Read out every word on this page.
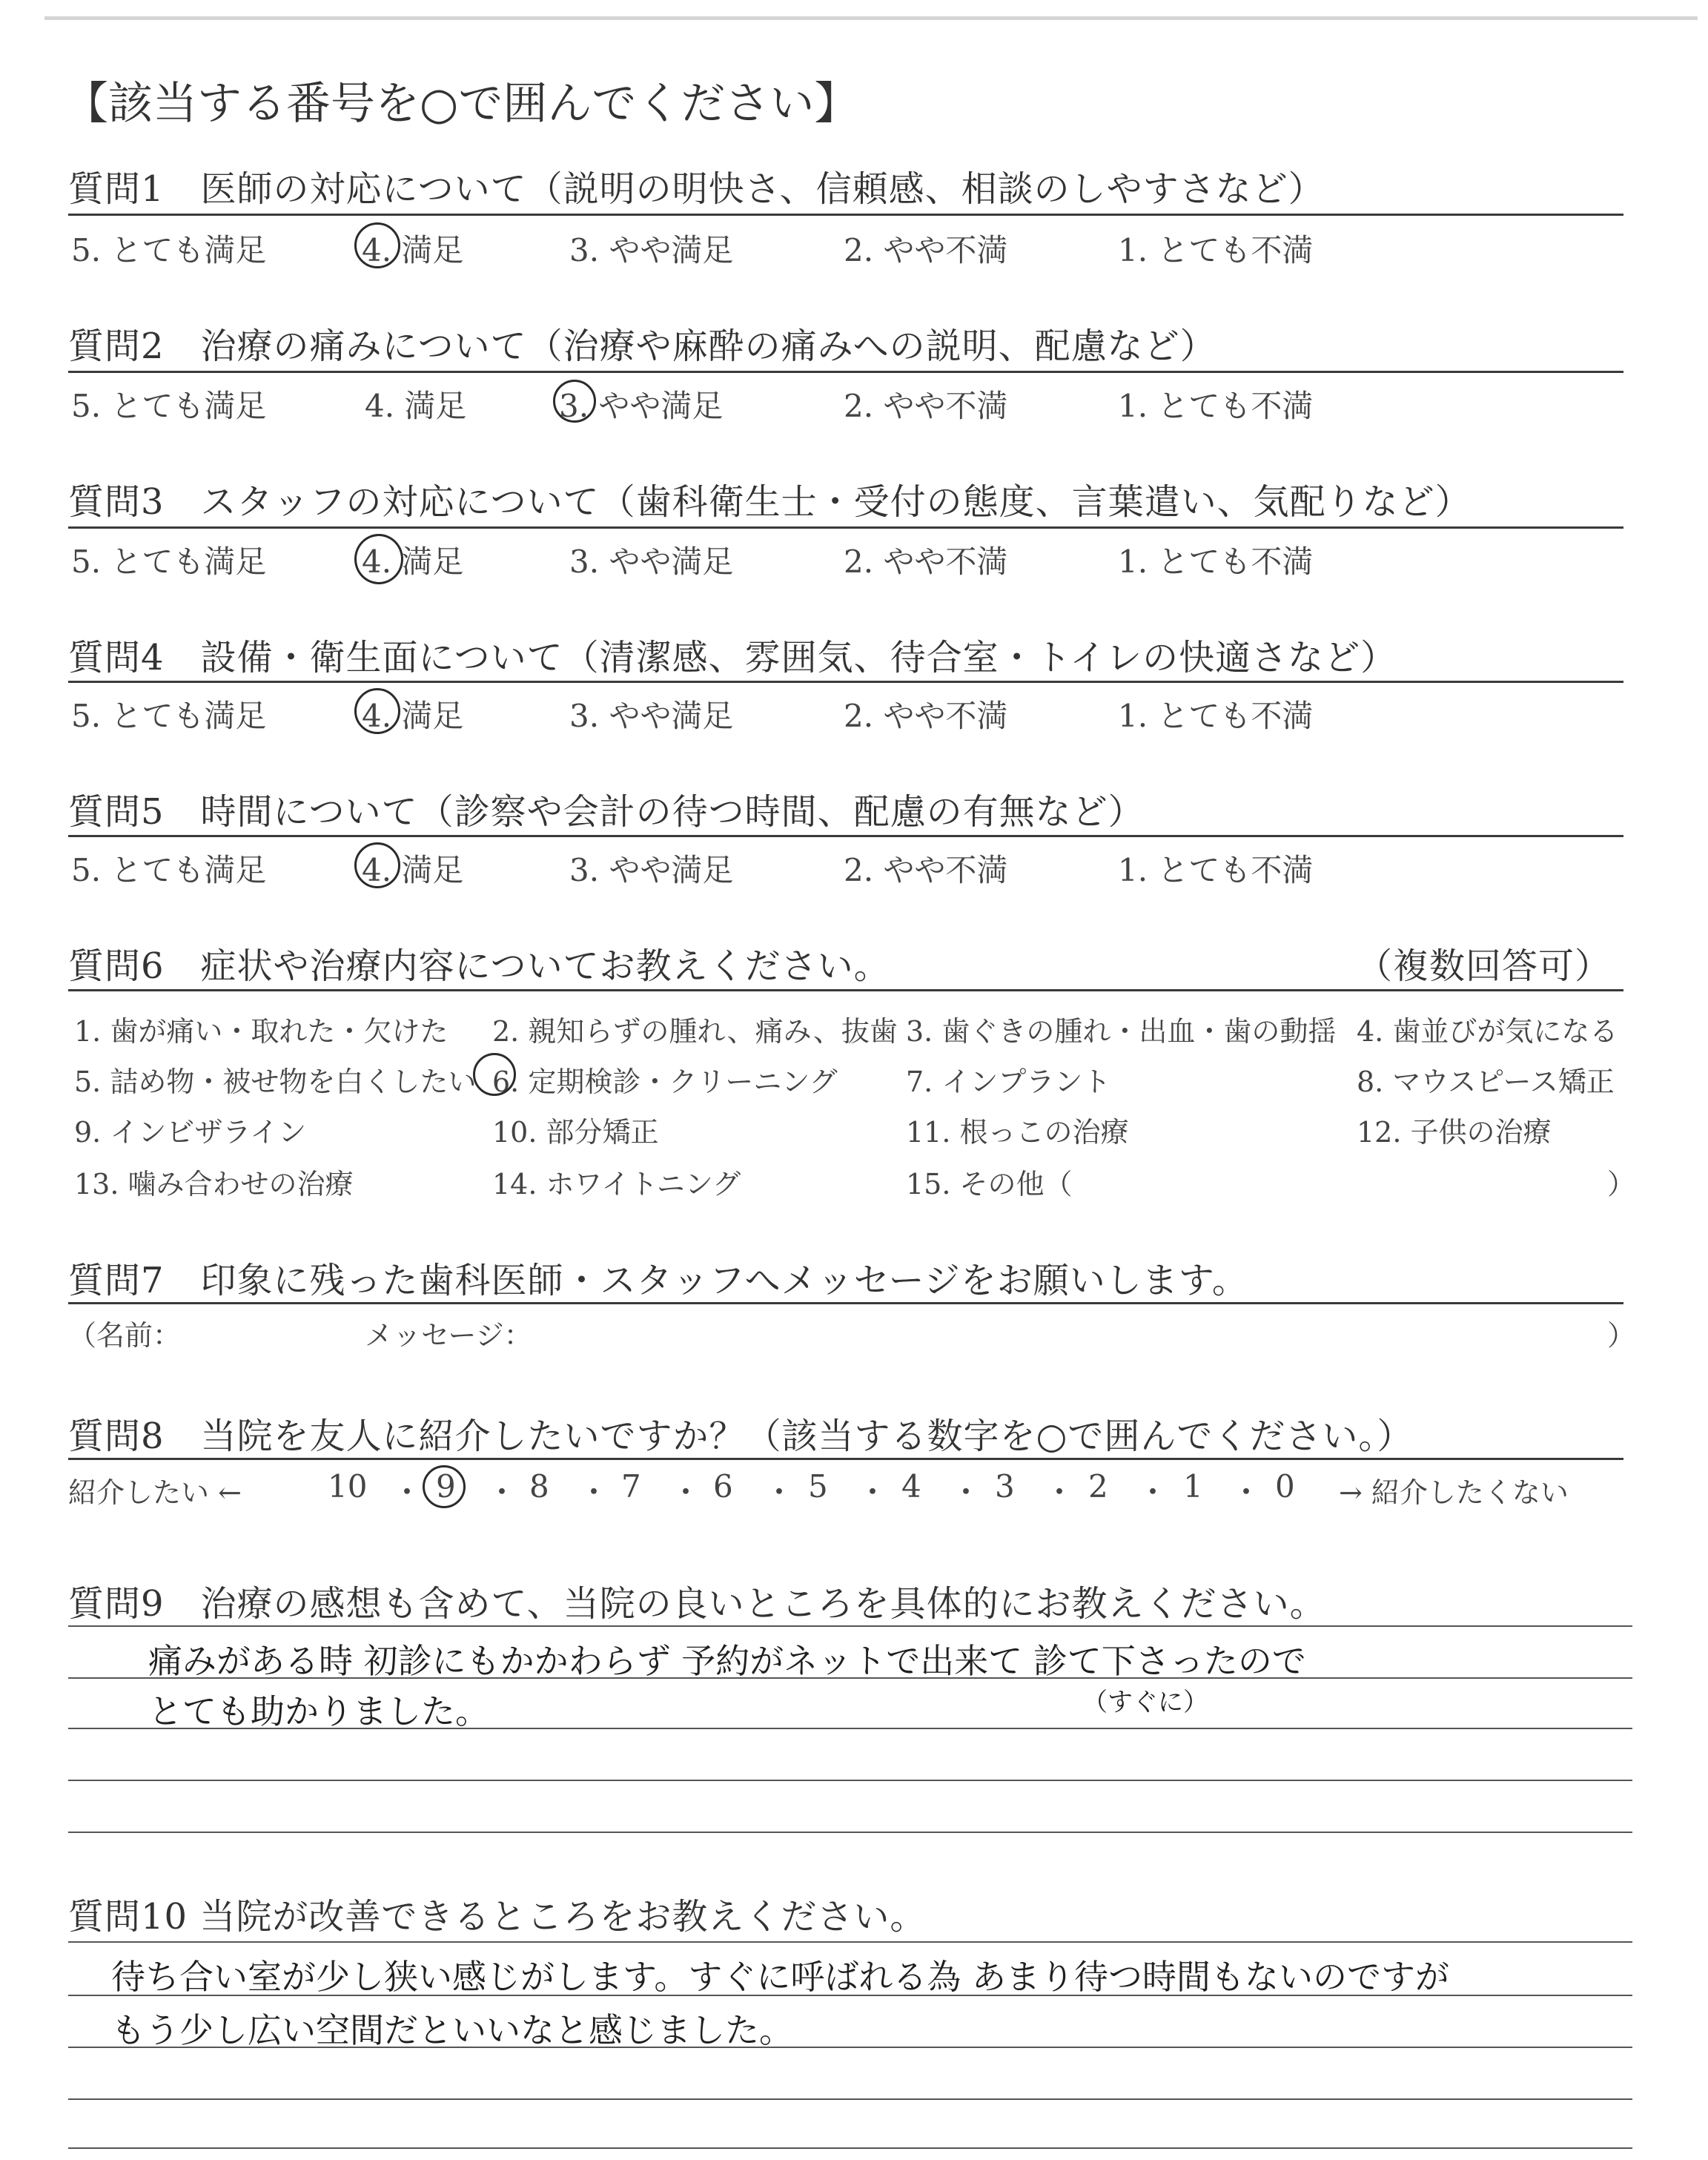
【該当する番号を○で囲んでください】
質問1　医師の対応について（説明の明快さ、信頼感、相談のしやすさなど）
5. とても満足	4. 満足	3. やや満足	2. やや不満	1. とても不満
質問2　治療の痛みについて（治療や麻酔の痛みへの説明、配慮など）
5. とても満足	4. 満足	3. やや満足	2. やや不満	1. とても不満
質問3　スタッフの対応について（歯科衛生士・受付の態度、言葉遣い、気配りなど）
5. とても満足	4. 満足	3. やや満足	2. やや不満	1. とても不満
質問4　設備・衛生面について（清潔感、雰囲気、待合室・トイレの快適さなど）
5. とても満足	4. 満足	3. やや満足	2. やや不満	1. とても不満
質問5　時間について（診察や会計の待つ時間、配慮の有無など）
5. とても満足	4. 満足	3. やや満足	2. やや不満	1. とても不満
質問6　症状や治療内容についてお教えください。	（複数回答可）
1. 歯が痛い・取れた・欠けた 2. 親知らずの腫れ、痛み、抜歯 3. 歯ぐきの腫れ・出血・歯の動揺 4. 歯並びが気になる
5. 詰め物・被せ物を白くしたい 6. 定期検診・クリーニング 7. インプラント	8. マウスピース矯正
9. インビザライン	10. 部分矯正	11. 根っこの治療	12. 子供の治療
13. 噛み合わせの治療	14. ホワイトニング	15. その他（	）
質問7　印象に残った歯科医師・スタッフへメッセージをお願いします。
（名前：	メッセージ：	）
質問8　当院を友人に紹介したいですか？（該当する数字を○で囲んでください。）
紹介したい ←	10 ・ 9 ・ 8 ・ 7 ・ 6 ・ 5 ・ 4 ・ 3 ・ 2 ・ 1 ・ 0 → 紹介したくない
質問9　治療の感想も含めて、当院の良いところを具体的にお教えください。
痛みがある時 初診にもかかわらず 予約がネットで出来て 診て下さったので
（すぐに）
とても助かりました。
質問10 当院が改善できるところをお教えください。
待ち合い室が少し狭い感じがします。すぐに呼ばれる為 あまり待つ時間もないのですが
もう少し広い空間だといいなと感じました。
